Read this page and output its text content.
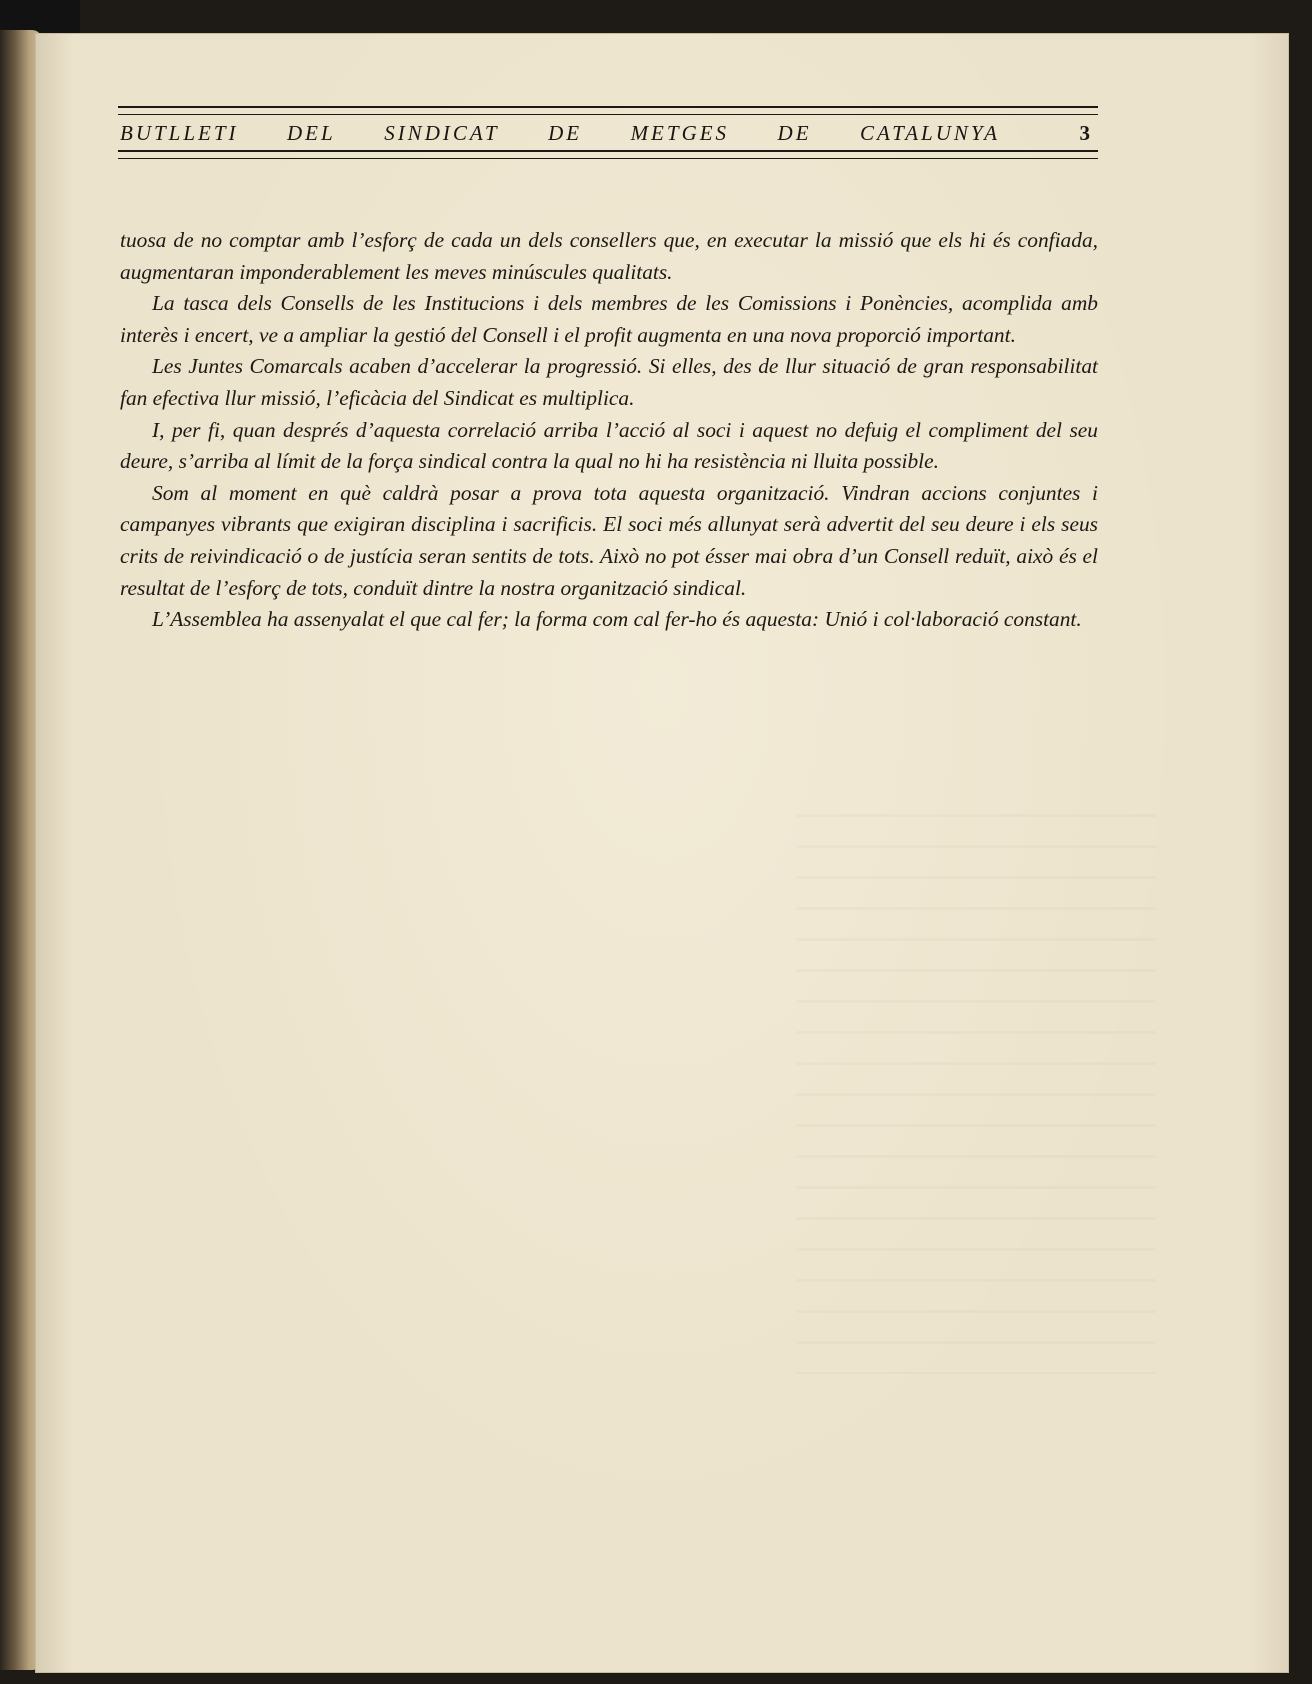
BUTLLETI DEL SINDICAT DE METGES DE CATALUNYA	3

tuosa de no comptar amb l’esforç de cada un dels consellers que, en executar la missió que els hi és confiada, augmentaran imponderablement les meves minúscules qualitats.

La tasca dels Consells de les Institucions i dels membres de les Comissions i Ponències, acomplida amb interès i encert, ve a ampliar la gestió del Consell i el profit augmenta en una nova proporció important.

Les Juntes Comarcals acaben d’accelerar la progressió. Si elles, des de llur situació de gran responsabilitat fan efectiva llur missió, l’eficàcia del Sindicat es multiplica.

I, per fi, quan després d’aquesta correlació arriba l’acció al soci i aquest no defuig el compliment del seu deure, s’arriba al límit de la força sindical contra la qual no hi ha resistència ni lluita possible.

Som al moment en què caldrà posar a prova tota aquesta organització. Vindran accions conjuntes i campanyes vibrants que exigiran disciplina i sacrificis. El soci més allunyat serà advertit del seu deure i els seus crits de reivindicació o de justícia seran sentits de tots. Això no pot ésser mai obra d’un Consell reduït, això és el resultat de l’esforç de tots, conduït dintre la nostra organització sindical.

L’Assemblea ha assenyalat el que cal fer; la forma com cal fer-ho és aquesta: Unió i col·laboració constant.
